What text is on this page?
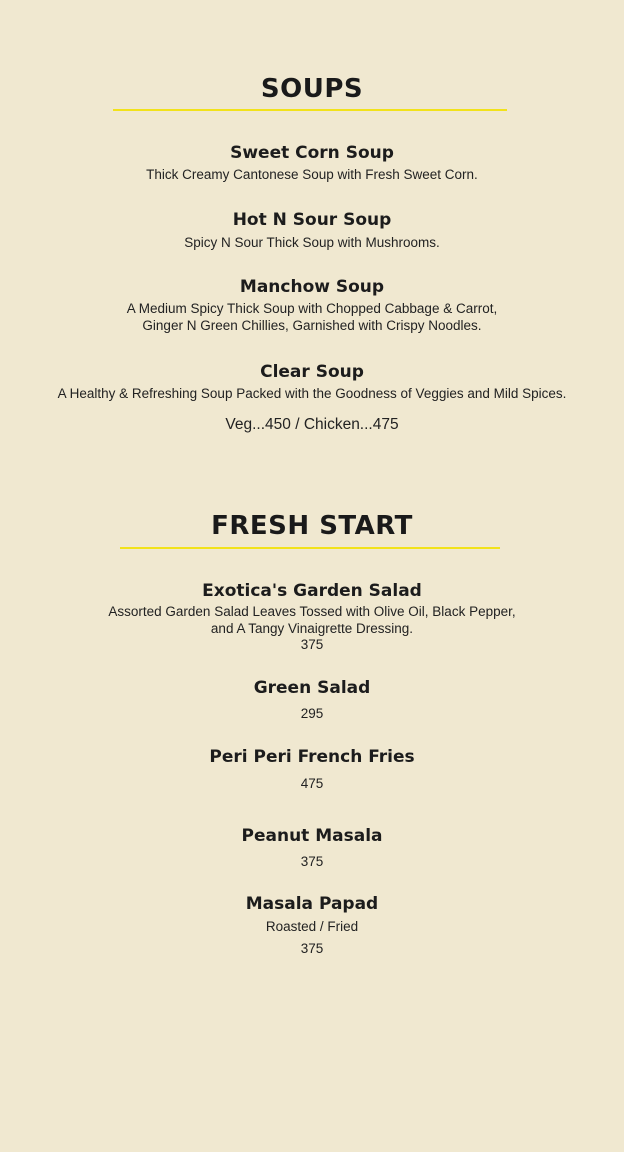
SOUPS
Sweet Corn Soup
Thick Creamy Cantonese Soup with Fresh Sweet Corn.
Hot N Sour Soup
Spicy N Sour Thick Soup with Mushrooms.
Manchow Soup
A Medium Spicy Thick Soup with Chopped Cabbage & Carrot,
Ginger N Green Chillies, Garnished with Crispy Noodles.
Clear Soup
A Healthy & Refreshing Soup Packed with the Goodness of Veggies and Mild Spices.
Veg...450 / Chicken...475
FRESH START
Exotica's Garden Salad
Assorted Garden Salad Leaves Tossed with Olive Oil, Black Pepper,
and A Tangy Vinaigrette Dressing.
375
Green Salad
295
Peri Peri French Fries
475
Peanut Masala
375
Masala Papad
Roasted / Fried
375
